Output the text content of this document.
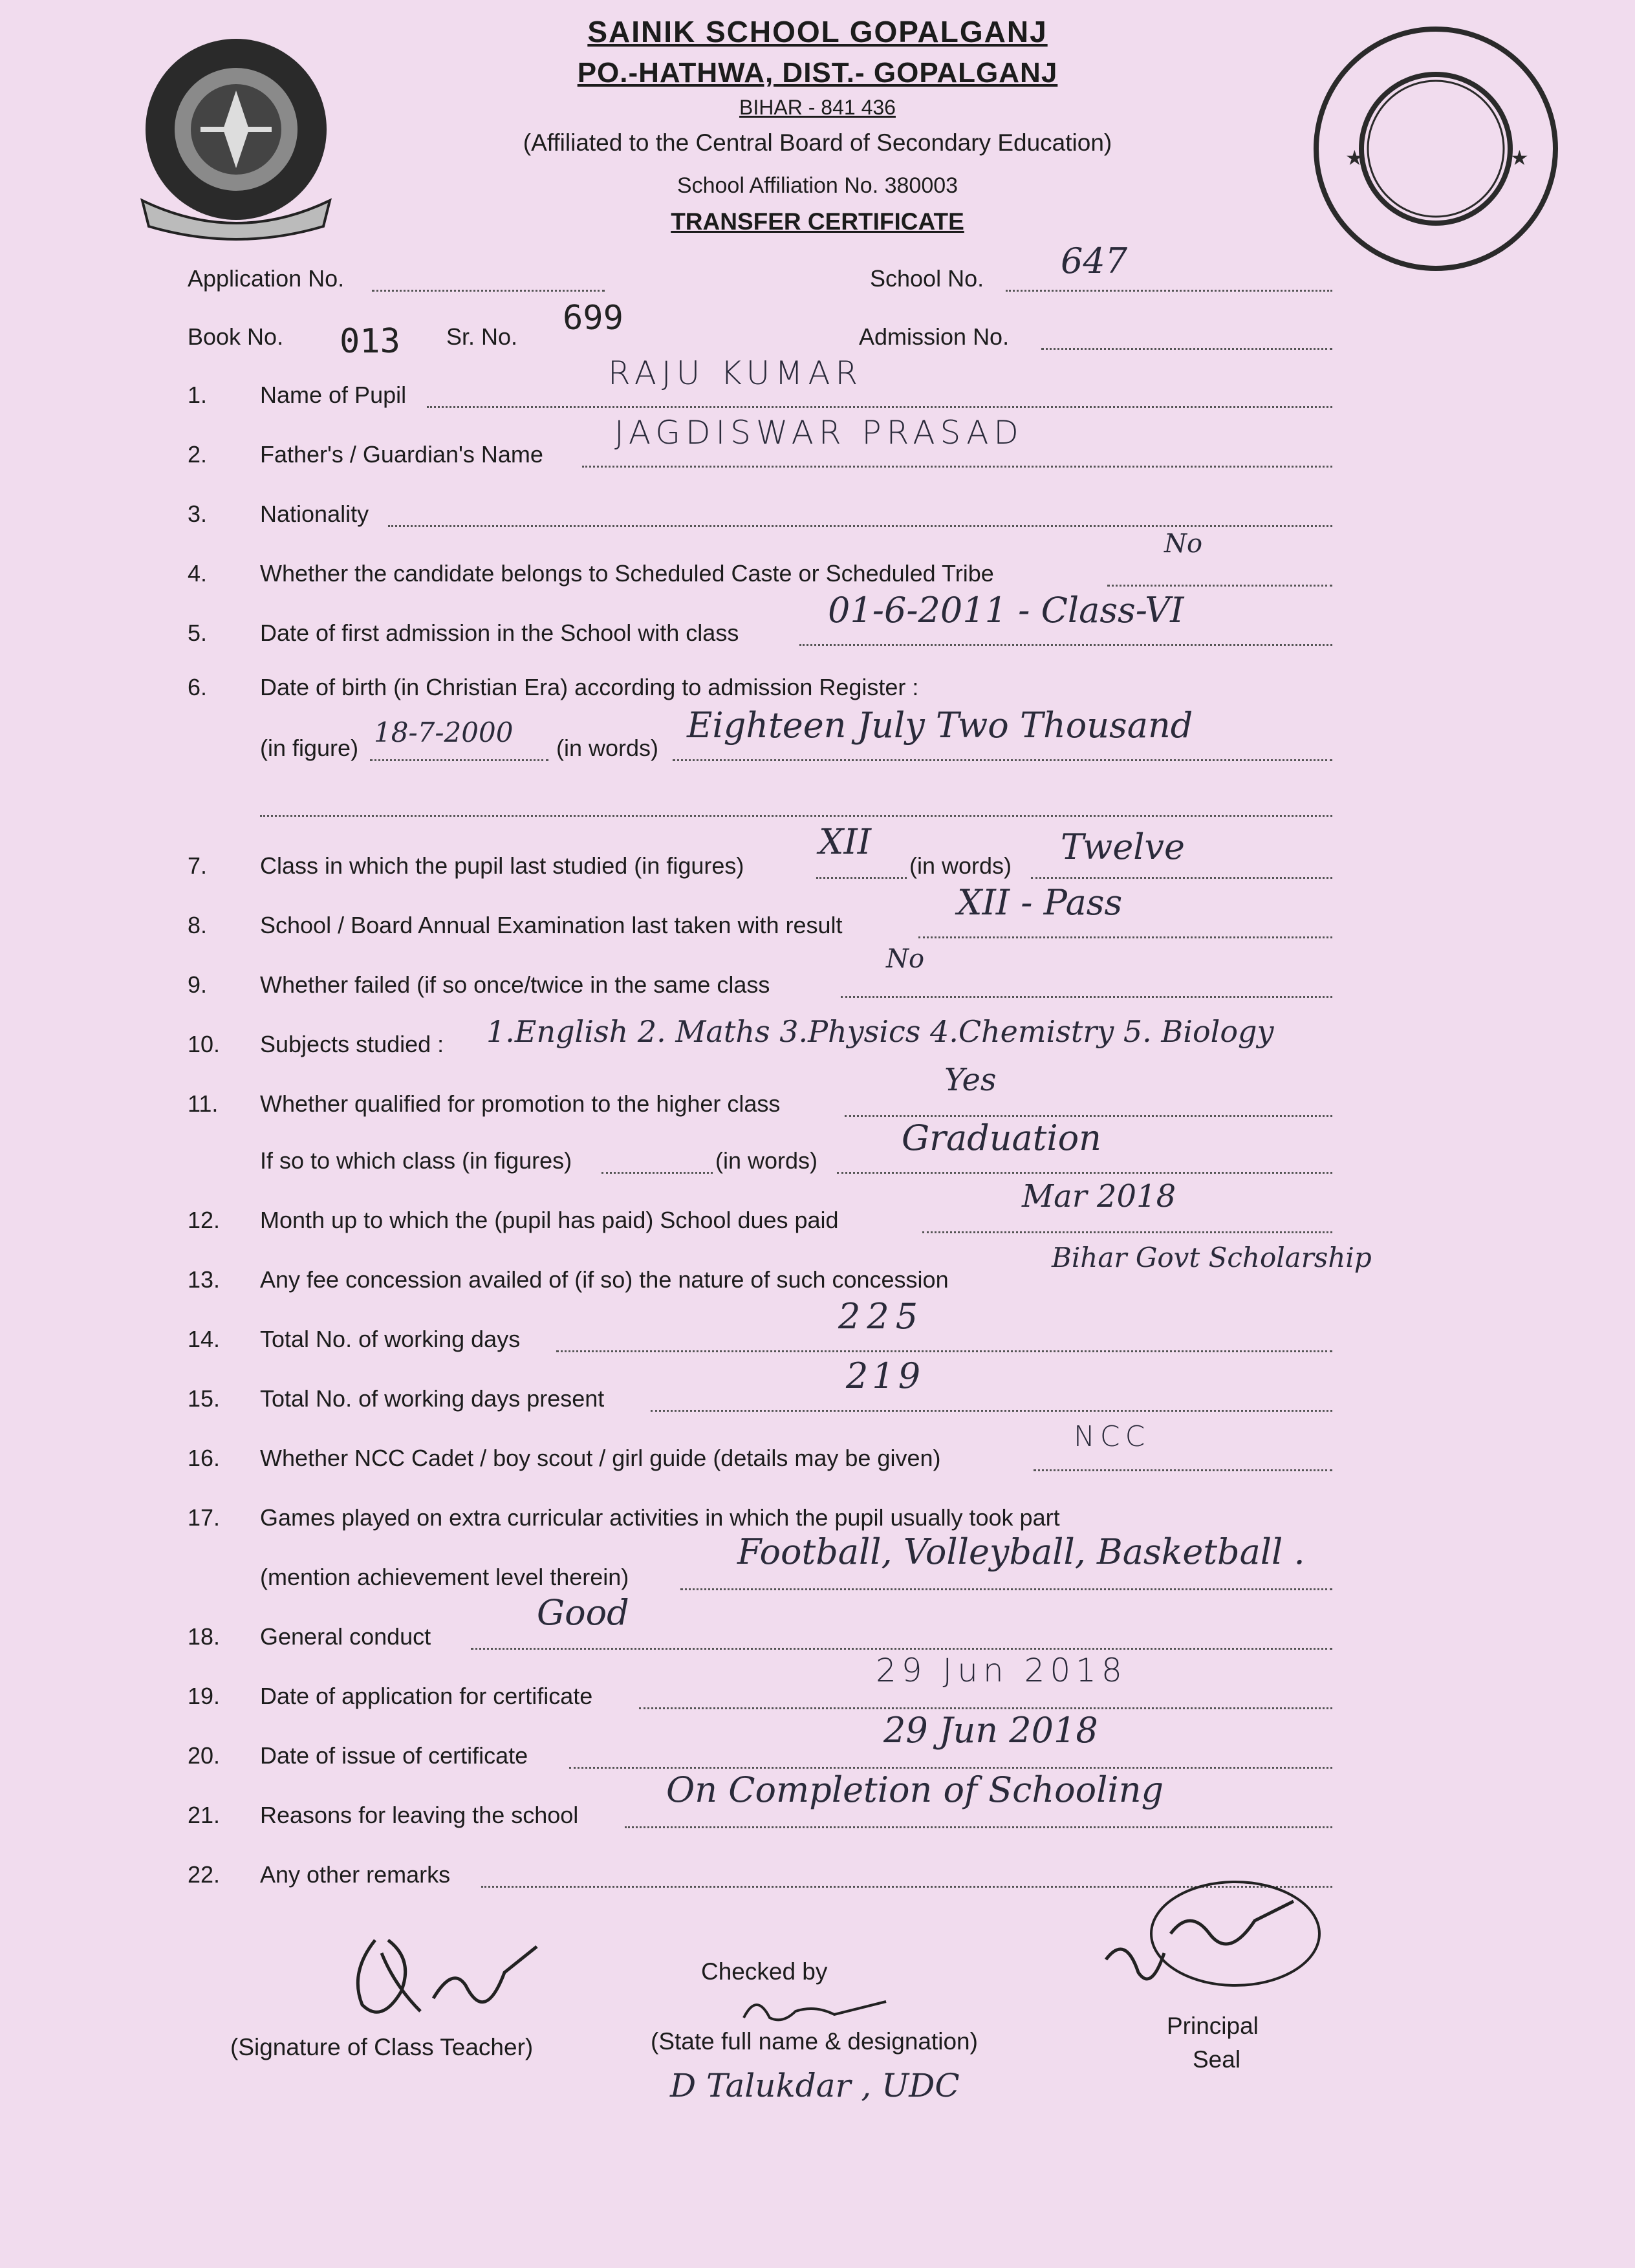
SAINIK SCHOOL GOPALGANJ
PO.-HATHWA, DIST.- GOPALGANJ
BIHAR - 841 436
(Affiliated to the Central Board of Secondary Education)
School Affiliation No. 380003
TRANSFER CERTIFICATE
★	★
Application No.	School No. 647
Book No. 013 Sr. No. 699	Admission No.
1. Name of Pupil
RAJU KUMAR
2. Father's / Guardian's Name
JAGDISWAR PRASAD
3. Nationality
4. Whether the candidate belongs to Scheduled Caste or Scheduled Tribe
No
5. Date of first admission in the School with class
01-6-2011 - Class-VI
6. Date of birth (in Christian Era) according to admission Register :
(in figure) 18-7-2000 (in words)
Eighteen July Two Thousand
7. Class in which the pupil last studied (in figures)
XII
(in words) Twelve
8. School / Board Annual Examination last taken with result
XII - Pass
9. Whether failed (if so once/twice in the same class
No
10. Subjects studied : 1.English 2. Maths 3.Physics 4.Chemistry 5. Biology
11. Whether qualified for promotion to the higher class
Yes
If so to which class (in figures)	(in words)
Graduation
12. Month up to which the (pupil has paid) School dues paid
Mar 2018
13. Any fee concession availed of (if so) the nature of such concession
Bihar Govt Scholarship
14. Total No. of working days
225
15. Total No. of working days present
219
16. Whether NCC Cadet / boy scout / girl guide (details may be given)
NCC
17. Games played on extra curricular activities in which the pupil usually took part
(mention achievement level therein)
Football, Volleyball, Basketball .
18. General conduct
Good
19. Date of application for certificate
29 Jun 2018
20. Date of issue of certificate
29 Jun 2018
21. Reasons for leaving the school
On Completion of Schooling
22. Any other remarks
(Signature of Class Teacher)
Checked by
(State full name & designation)
D Talukdar , UDC
Principal
Seal
